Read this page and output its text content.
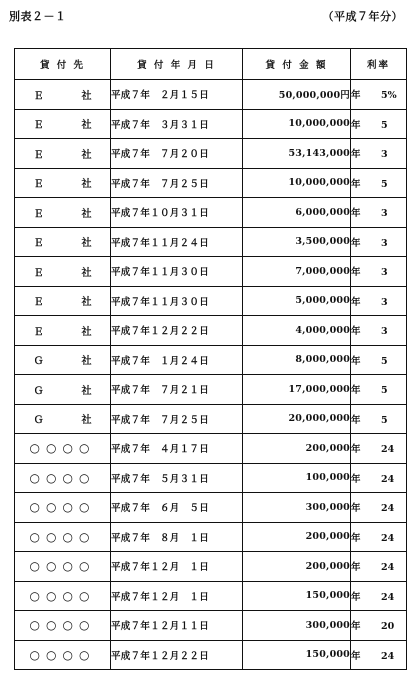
別表２－１	（平成７年分）
貸 付 先	貸 付 年 月 日	貸 付 金 額	利率
Ｅ 社	平成７年　２月１５日	50,000,000円	年 5%
Ｅ 社	平成７年　３月３１日	10,000,000	年 5
Ｅ 社	平成７年　７月２０日	53,143,000	年 3
Ｅ 社	平成７年　７月２５日	10,000,000	年 5
Ｅ 社	平成７年１０月３１日	6,000,000	年 3
Ｅ 社	平成７年１１月２４日	3,500,000	年 3
Ｅ 社	平成７年１１月３０日	7,000,000	年 3
Ｅ 社	平成７年１１月３０日	5,000,000	年 3
Ｅ 社	平成７年１２月２２日	4,000,000	年 3
Ｇ 社	平成７年　１月２４日	8,000,000	年 5
Ｇ 社	平成７年　７月２１日	17,000,000	年 5
Ｇ 社	平成７年　７月２５日	20,000,000	年 5
○○○○	平成７年　４月１７日	200,000	年 24
○○○○	平成７年　５月３１日	100,000	年 24
○○○○	平成７年　６月　５日	300,000	年 24
○○○○	平成７年　８月　１日	200,000	年 24
○○○○	平成７年１２月　１日	200,000	年 24
○○○○	平成７年１２月　１日	150,000	年 24
○○○○	平成７年１２月１１日	300,000	年 20
○○○○	平成７年１２月２２日	150,000	年 24
